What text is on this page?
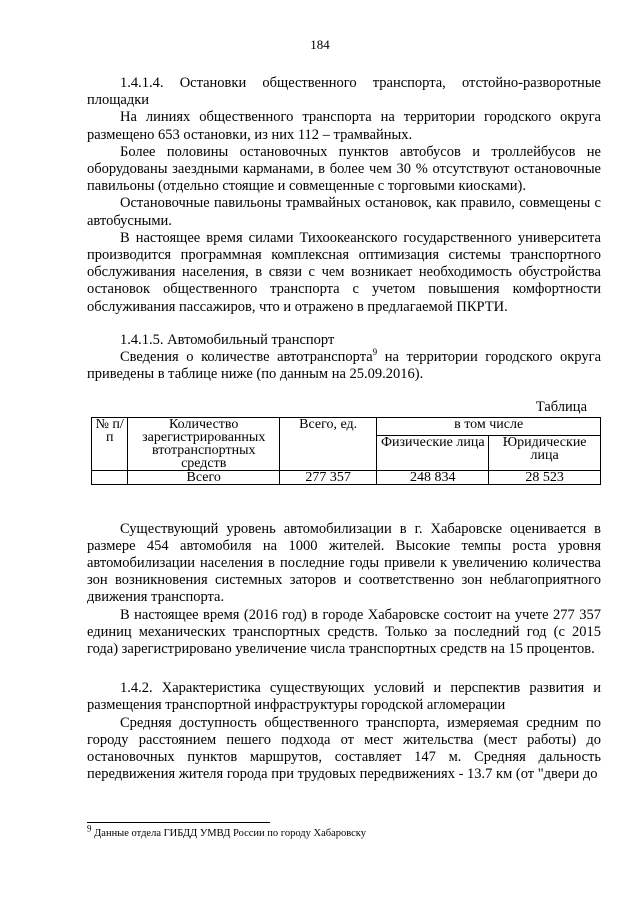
184

1.4.1.4. Остановки общественного транспорта, отстойно-разворотные площадки

На линиях общественного транспорта на территории городского округа размещено 653 остановки, из них 112 – трамвайных.

Более половины остановочных пунктов автобусов и троллейбусов не оборудованы заездными карманами, в более чем 30 % отсутствуют остановочные павильоны (отдельно стоящие и совмещенные с торговыми киосками).

Остановочные павильоны трамвайных остановок, как правило, совмещены с автобусными.

В настоящее время силами Тихоокеанского государственного университета производится программная комплексная оптимизация системы транспортного обслуживания населения, в связи с чем возникает необходимость обустройства остановок общественного транспорта с учетом повышения комфортности обслуживания пассажиров, что и отражено в предлагаемой ПКРТИ.

1.4.1.5. Автомобильный транспорт

Сведения о количестве автотранспорта$^9$ на территории городского округа приведены в таблице ниже (по данным на 25.09.2016).

Таблица
№ п/п	Количество зарегистрированных втотранспортных средств	Всего, ед.	в том числе	
			Физические лица	Юридические лица
	Всего	277 357	248 834	28 523

Существующий уровень автомобилизации в г. Хабаровске оценивается в размере 454 автомобиля на 1000 жителей. Высокие темпы роста уровня автомобилизации населения в последние годы привели к увеличению количества зон возникновения системных заторов и соответственно зон неблагоприятного движения транспорта.

В настоящее время (2016 год) в городе Хабаровске состоит на учете 277 357 единиц механических транспортных средств. Только за последний год (с 2015 года) зарегистрировано увеличение числа транспортных средств на 15 процентов.

1.4.2. Характеристика существующих условий и перспектив развития и размещения транспортной инфраструктуры городской агломерации

Средняя доступность общественного транспорта, измеряемая средним по городу расстоянием пешего подхода от мест жительства (мест работы) до остановочных пунктов маршрутов, составляет 147 м. Средняя дальность передвижения жителя города при трудовых передвижениях - 13.7 км (от "двери до

$^9$ Данные отдела ГИБДД УМВД России по городу Хабаровску
